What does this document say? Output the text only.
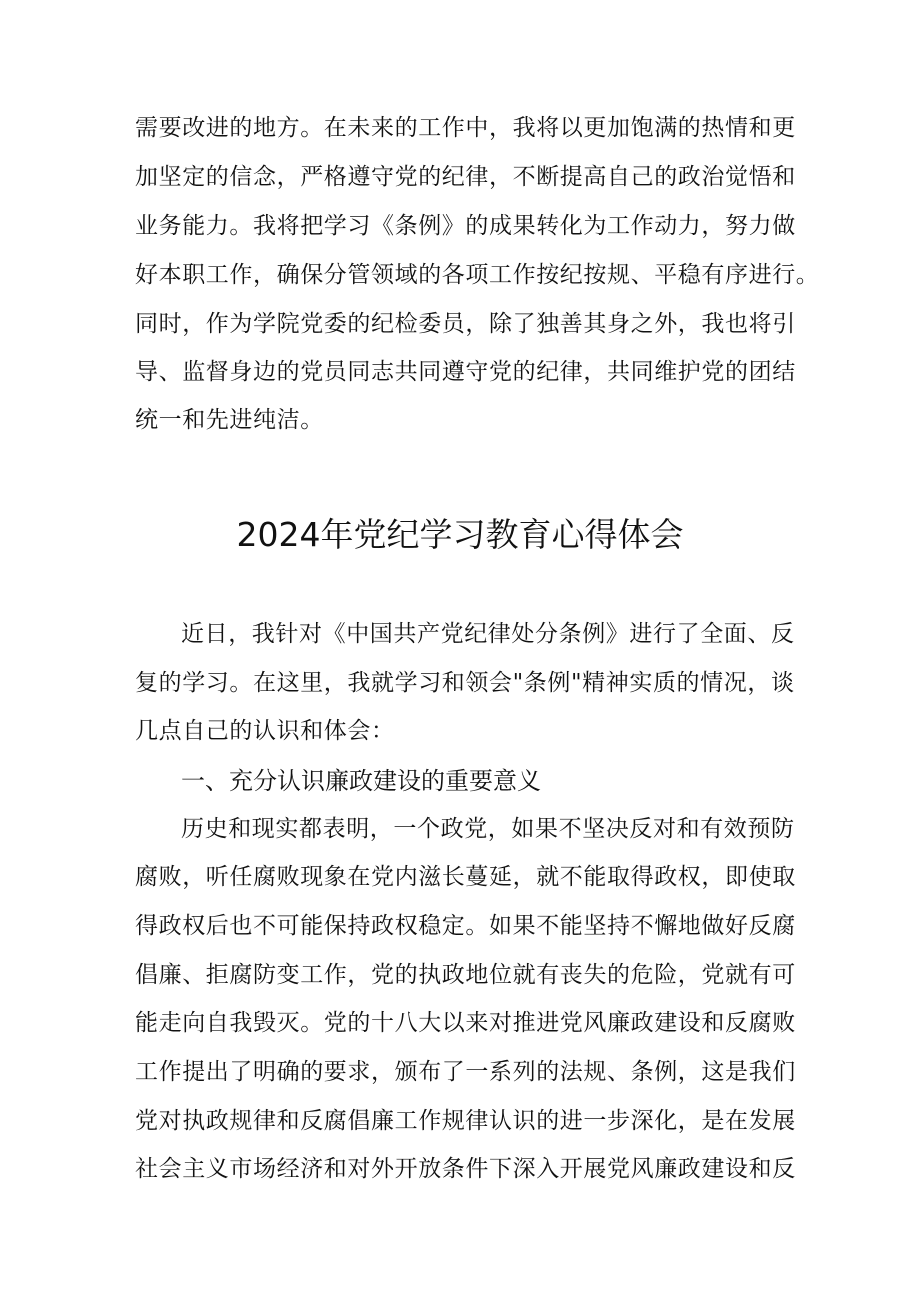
需要改进的地方。在未来的工作中，我将以更加饱满的热情和更
加坚定的信念，严格遵守党的纪律，不断提高自己的政治觉悟和
业务能力。我将把学习《条例》的成果转化为工作动力，努力做
好本职工作，确保分管领域的各项工作按纪按规、平稳有序进行。
同时，作为学院党委的纪检委员，除了独善其身之外，我也将引
导、监督身边的党员同志共同遵守党的纪律，共同维护党的团结
统一和先进纯洁。
2024年党纪学习教育心得体会
近日，我针对《中国共产党纪律处分条例》进行了全面、反
复的学习。在这里，我就学习和领会"条例"精神实质的情况，谈
几点自己的认识和体会：
一、充分认识廉政建设的重要意义
历史和现实都表明，一个政党，如果不坚决反对和有效预防
腐败，听任腐败现象在党内滋长蔓延，就不能取得政权，即使取
得政权后也不可能保持政权稳定。如果不能坚持不懈地做好反腐
倡廉、拒腐防变工作，党的执政地位就有丧失的危险，党就有可
能走向自我毁灭。党的十八大以来对推进党风廉政建设和反腐败
工作提出了明确的要求，颁布了一系列的法规、条例，这是我们
党对执政规律和反腐倡廉工作规律认识的进一步深化，是在发展
社会主义市场经济和对外开放条件下深入开展党风廉政建设和反
